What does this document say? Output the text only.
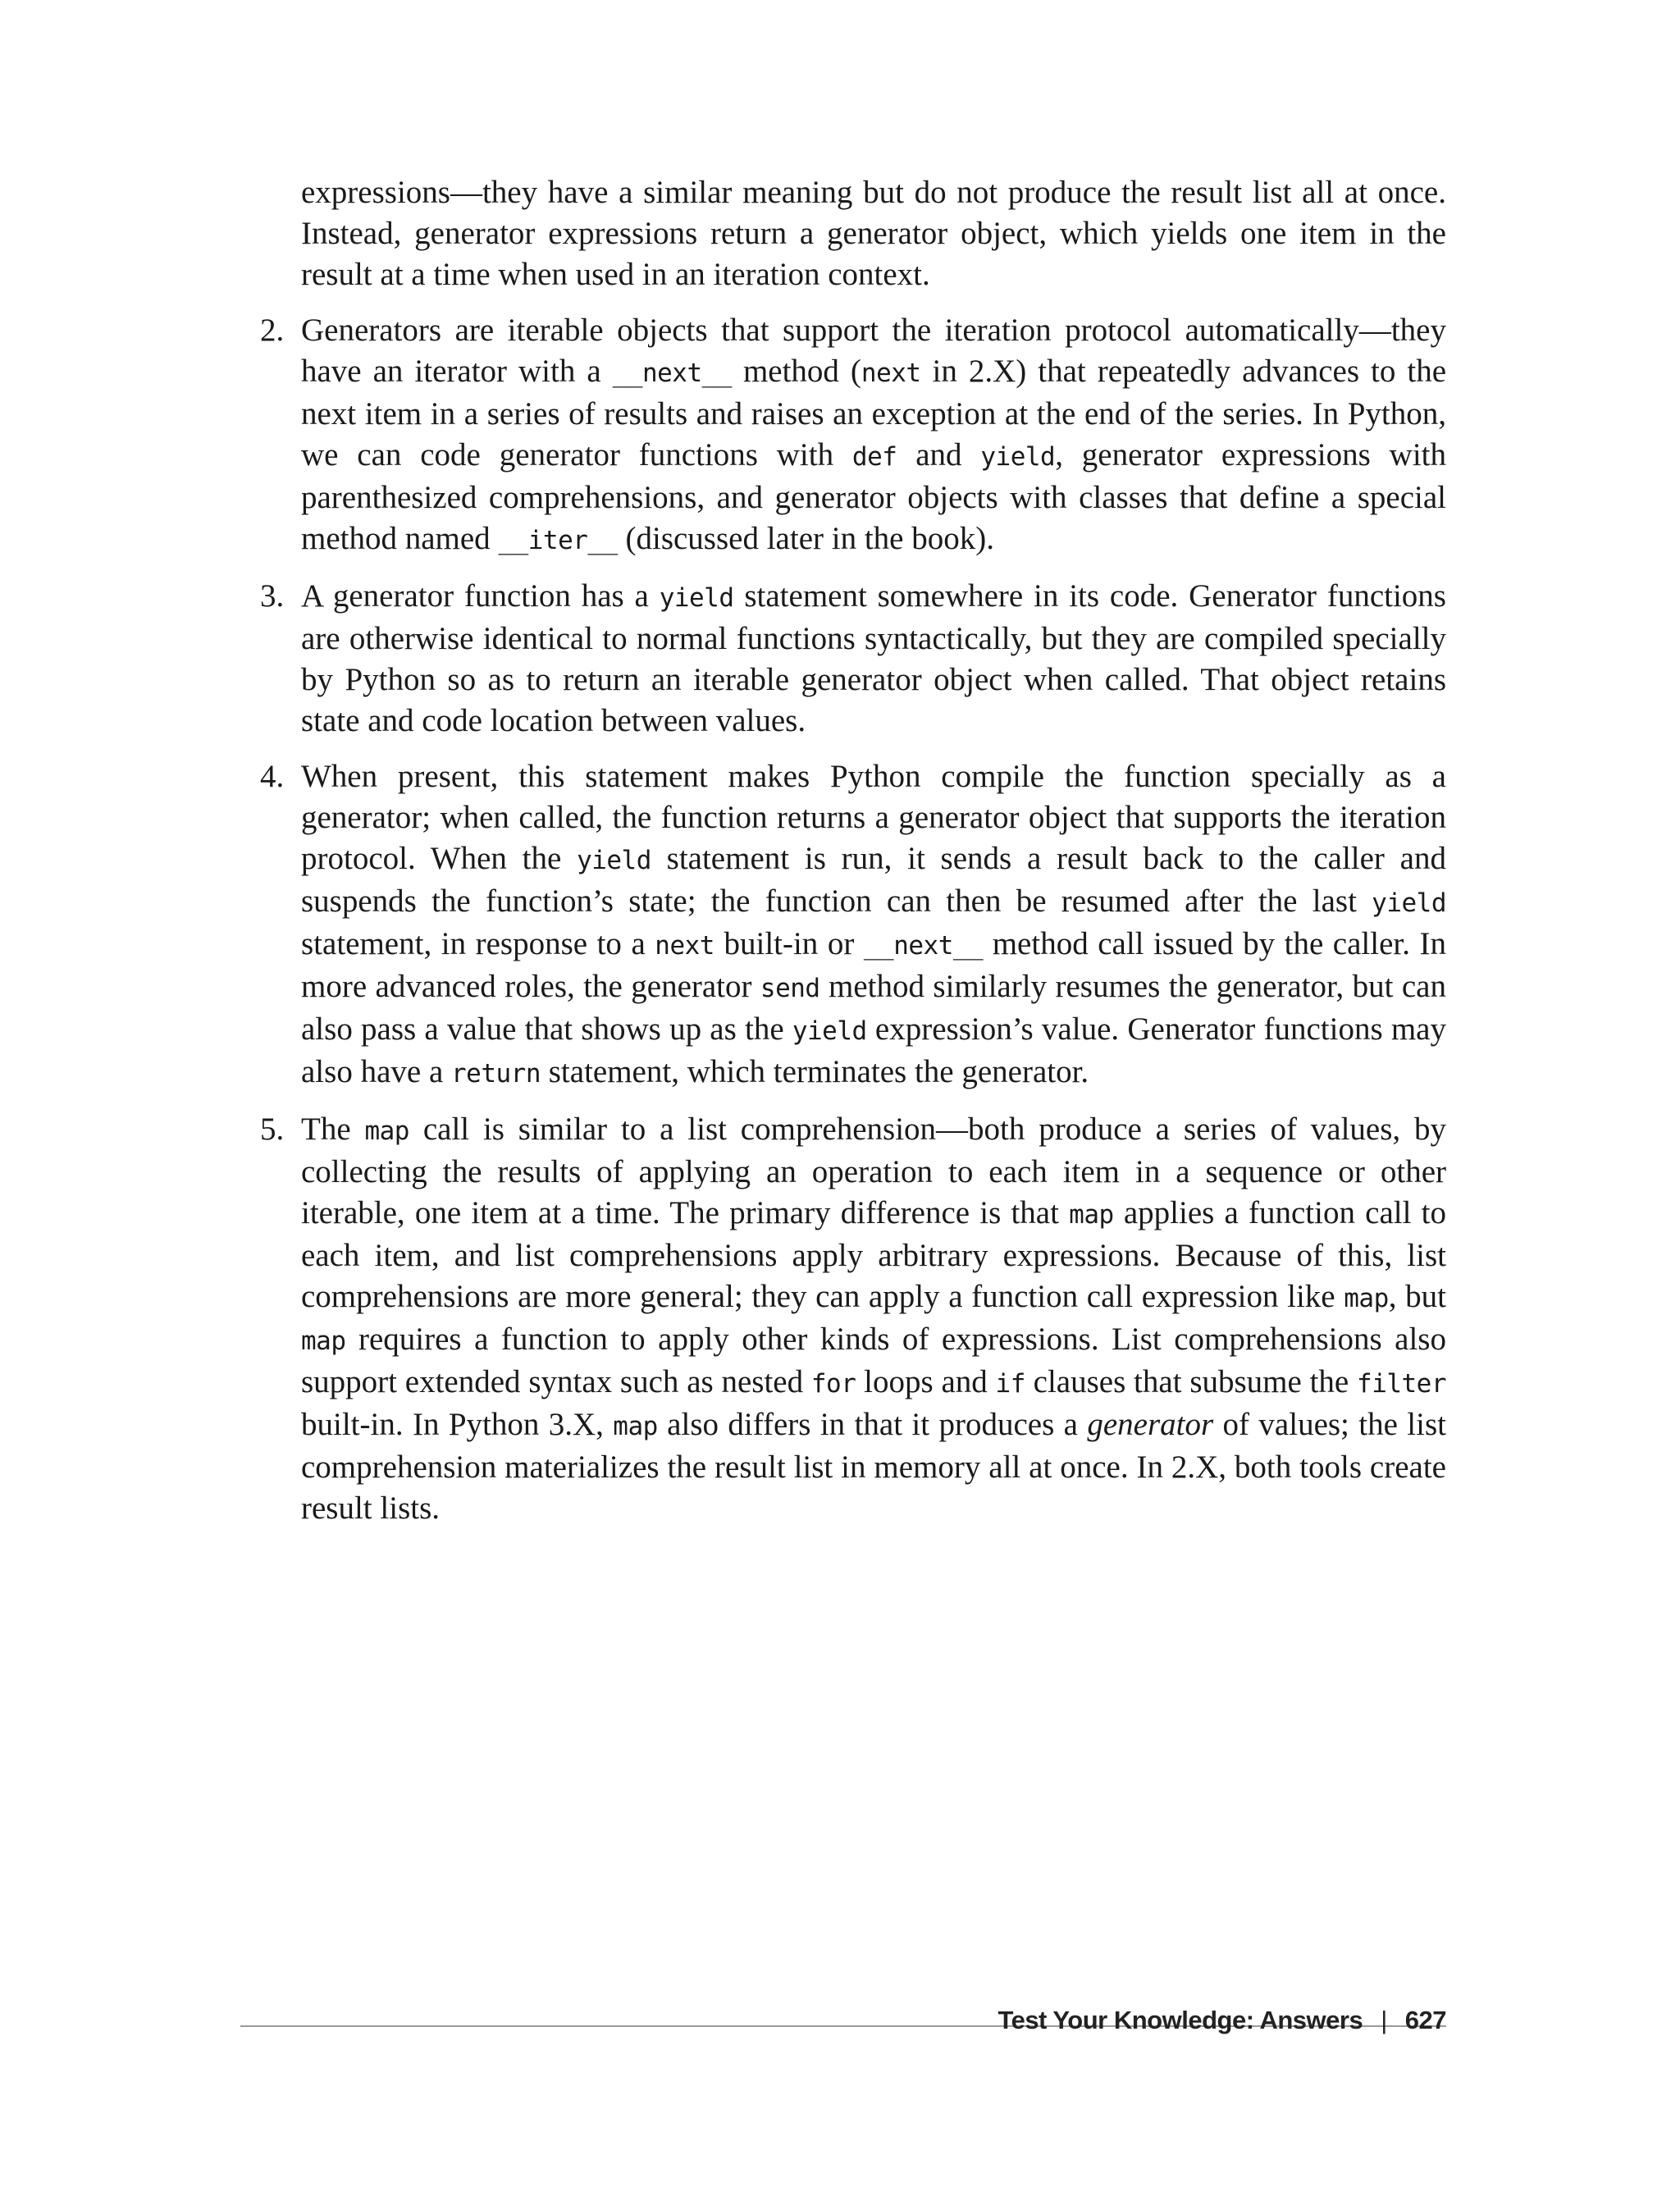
expressions—they have a similar meaning but do not produce the result list all at once. Instead, generator expressions return a generator object, which yields one item in the result at a time when used in an iteration context.

2. Generators are iterable objects that support the iteration protocol automatically—they have an iterator with a __next__ method (next in 2.X) that repeatedly advances to the next item in a series of results and raises an exception at the end of the series. In Python, we can code generator functions with def and yield, generator expressions with parenthesized comprehensions, and generator objects with classes that define a special method named __iter__ (discussed later in the book).
3. A generator function has a yield statement somewhere in its code. Generator functions are otherwise identical to normal functions syntactically, but they are compiled specially by Python so as to return an iterable generator object when called. That object retains state and code location between values.
4. When present, this statement makes Python compile the function specially as a generator; when called, the function returns a generator object that supports the iteration protocol. When the yield statement is run, it sends a result back to the caller and suspends the function’s state; the function can then be resumed after the last yield statement, in response to a next built-in or __next__ method call issued by the caller. In more advanced roles, the generator send method similarly resumes the generator, but can also pass a value that shows up as the yield expression’s value. Generator functions may also have a return statement, which terminates the generator.
5. The map call is similar to a list comprehension—both produce a series of values, by collecting the results of applying an operation to each item in a sequence or other iterable, one item at a time. The primary difference is that map applies a function call to each item, and list comprehensions apply arbitrary expressions. Because of this, list comprehensions are more general; they can apply a function call expression like map, but map requires a function to apply other kinds of expressions. List comprehensions also support extended syntax such as nested for loops and if clauses that subsume the filter built-in. In Python 3.X, map also differs in that it produces a generator of values; the list comprehension materializes the result list in memory all at once. In 2.X, both tools create result lists.
Test Your Knowledge: Answers | 627
